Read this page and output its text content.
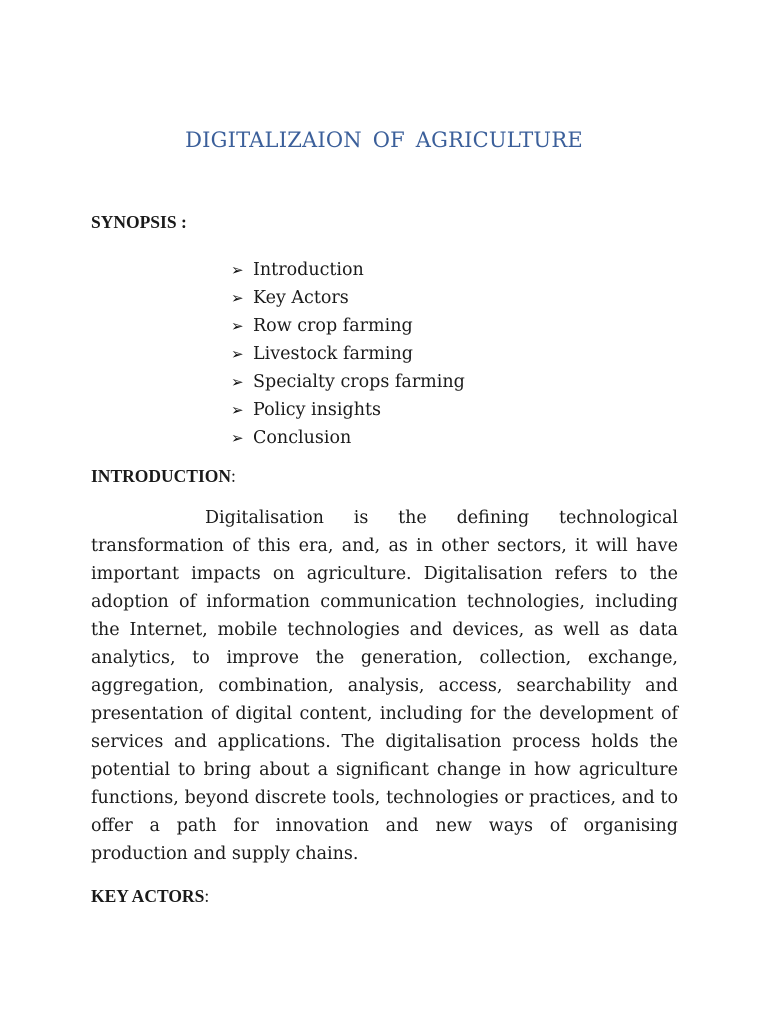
DIGITALIZAION OF AGRICULTURE
SYNOPSIS :
➢ Introduction
➢ Key Actors
➢ Row crop farming
➢ Livestock farming
➢ Specialty crops farming
➢ Policy insights
➢ Conclusion
INTRODUCTION:

Digitalisation is the defining technological transformation of this era, and, as in other sectors, it will have important impacts on agriculture. Digitalisation refers to the adoption of information communication technologies, including the Internet, mobile technologies and devices, as well as data analytics, to improve the generation, collection, exchange, aggregation, combination, analysis, access, searchability and presentation of digital content, including for the development of services and applications. The digitalisation process holds the potential to bring about a significant change in how agriculture functions, beyond discrete tools, technologies or practices, and to offer a path for innovation and new ways of organising production and supply chains.

KEY ACTORS:
